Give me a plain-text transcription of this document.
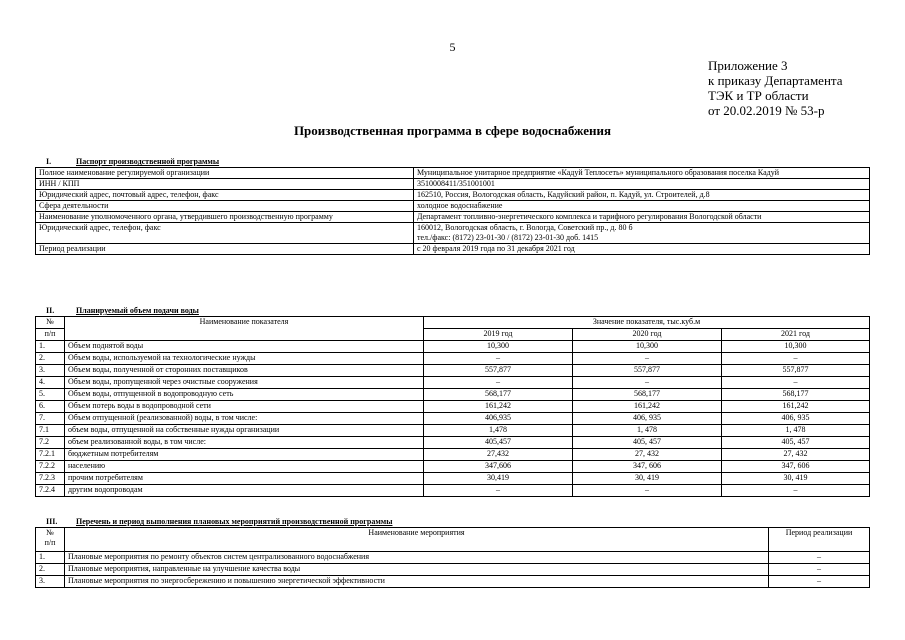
5
Приложение 3
к приказу Департамента
ТЭК и ТР области
от 20.02.2019 № 53-р
Производственная программа в сфере водоснабжения
I.	Паспорт производственной программы
Полное наименование регулируемой организации	Муниципальное унитарное предприятие «Кадуй Теплосеть» муниципального образования поселка Кадуй
ИНН / КПП	3510008411/351001001
Юридический адрес, почтовый адрес, телефон, факс	162510, Россия, Вологодская область, Кадуйский район, п. Кадуй, ул. Строителей, д.8
Сфера деятельности	холодное водоснабжение
Наименование уполномоченного органа, утвердившего производственную программу	Департамент топливно-энергетического комплекса и тарифного регулирования Вологодской области
Юридический адрес, телефон, факс	160012, Вологодская область, г. Вологда, Советский пр., д. 80 б
тел./факс: (8172) 23-01-30 / (8172) 23-01-30 доб. 1415
Период реализации	с 20 февраля 2019 года по 31 декабря 2021 год
II.	Планируемый объем подачи воды
№	Наименование показателя	Значение показателя, тыс.куб.м		
п/п		2019 год	2020 год	2021 год
1.	Объем поднятой воды	10,300	10,300	10,300
2.	Объем воды, используемой на технологические нужды	–	–	–
3.	Объем воды, полученной от сторонних поставщиков	557,877	557,877	557,877
4.	Объем воды, пропущенной через очистные сооружения	–	–	–
5.	Объем воды, отпущенной в водопроводную сеть	568,177	568,177	568,177
6.	Объем потерь воды в водопроводной сети	161,242	161,242	161,242
7.	Объем отпущенной (реализованной) воды, в том числе:	406,935	406, 935	406, 935
7.1	объем воды, отпущенной на собственные нужды организации	1,478	1, 478	1, 478
7.2	объем реализованной воды, в том числе:	405,457	405, 457	405, 457
7.2.1	бюджетным потребителям	27,432	27, 432	27, 432
7.2.2	населению	347,606	347, 606	347, 606
7.2.3	прочим потребителям	30,419	30, 419	30, 419
7.2.4	другим водопроводам	–	–	–
III. Перечень и период выполнения плановых мероприятий производственной программы
№
п/п	Наименование мероприятия	Период реализации
1.	Плановые мероприятия по ремонту объектов систем централизованного водоснабжения	–
2.	Плановые мероприятия, направленные на улучшение качества воды	–
3.	Плановые мероприятия по энергосбережению и повышению энергетической эффективности	–
